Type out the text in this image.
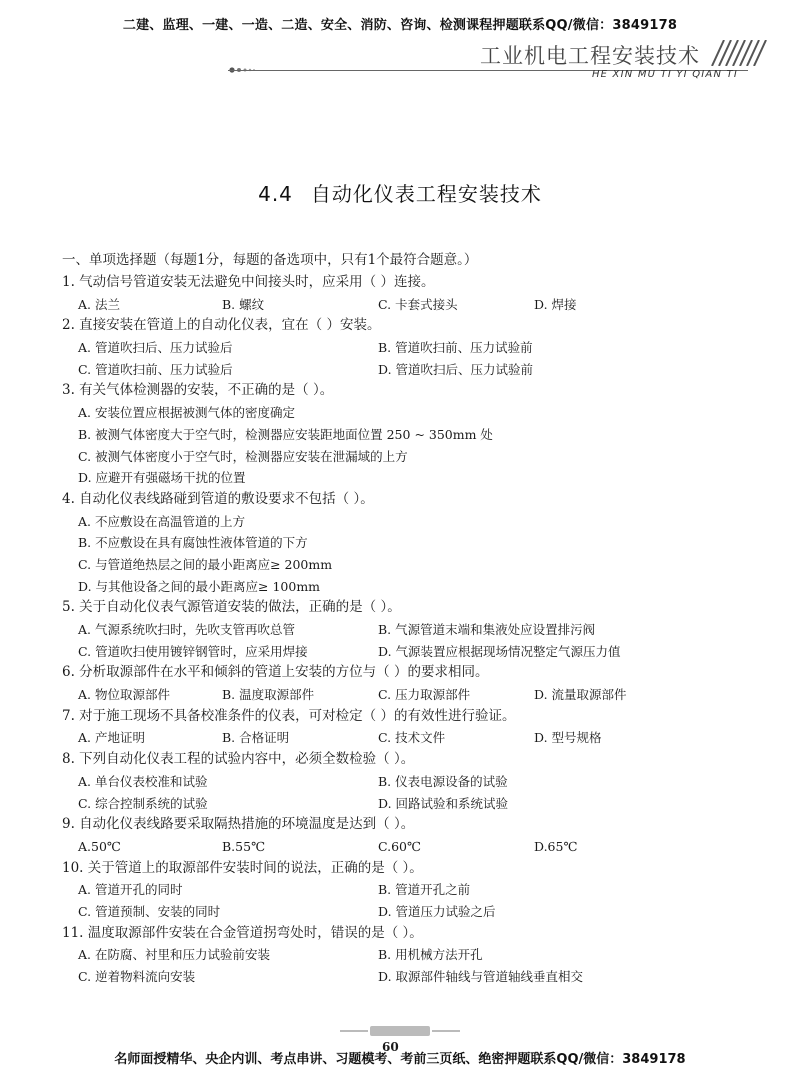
二建、监理、一建、一造、二造、安全、消防、咨询、检测课程押题联系QQ/微信：3849178
工业机电工程安装技术
HE XIN MU TI YI QIAN TI
4.4 自动化仪表工程安装技术
一、单项选择题（每题1分，每题的备选项中，只有1个最符合题意。）
1. 气动信号管道安装无法避免中间接头时，应采用（ ）连接。
A. 法兰	B. 螺纹	C. 卡套式接头	D. 焊接
2. 直接安装在管道上的自动化仪表，宜在（ ）安装。
A. 管道吹扫后、压力试验后	B. 管道吹扫前、压力试验前
C. 管道吹扫前、压力试验后	D. 管道吹扫后、压力试验前
3. 有关气体检测器的安装，不正确的是（ ）。
A. 安装位置应根据被测气体的密度确定
B. 被测气体密度大于空气时，检测器应安装距地面位置 250 ~ 350mm 处
C. 被测气体密度小于空气时，检测器应安装在泄漏域的上方
D. 应避开有强磁场干扰的位置
4. 自动化仪表线路碰到管道的敷设要求不包括（ ）。
A. 不应敷设在高温管道的上方
B. 不应敷设在具有腐蚀性液体管道的下方
C. 与管道绝热层之间的最小距离应≥ 200mm
D. 与其他设备之间的最小距离应≥ 100mm
5. 关于自动化仪表气源管道安装的做法，正确的是（ ）。
A. 气源系统吹扫时，先吹支管再吹总管	B. 气源管道末端和集液处应设置排污阀
C. 管道吹扫使用镀锌钢管时，应采用焊接	D. 气源装置应根据现场情况整定气源压力值
6. 分析取源部件在水平和倾斜的管道上安装的方位与（ ）的要求相同。
A. 物位取源部件	B. 温度取源部件	C. 压力取源部件	D. 流量取源部件
7. 对于施工现场不具备校准条件的仪表，可对检定（ ）的有效性进行验证。
A. 产地证明	B. 合格证明	C. 技术文件	D. 型号规格
8. 下列自动化仪表工程的试验内容中，必须全数检验（ ）。
A. 单台仪表校准和试验	B. 仪表电源设备的试验
C. 综合控制系统的试验	D. 回路试验和系统试验
9. 自动化仪表线路要采取隔热措施的环境温度是达到（ ）。
A.50℃	B.55℃	C.60℃	D.65℃
10. 关于管道上的取源部件安装时间的说法，正确的是（ ）。
A. 管道开孔的同时	B. 管道开孔之前
C. 管道预制、安装的同时	D. 管道压力试验之后
11. 温度取源部件安装在合金管道拐弯处时，错误的是（ ）。
A. 在防腐、衬里和压力试验前安装	B. 用机械方法开孔
C. 逆着物料流向安装	D. 取源部件轴线与管道轴线垂直相交
60
名师面授精华、央企内训、考点串讲、习题模考、考前三页纸、绝密押题联系QQ/微信：3849178
